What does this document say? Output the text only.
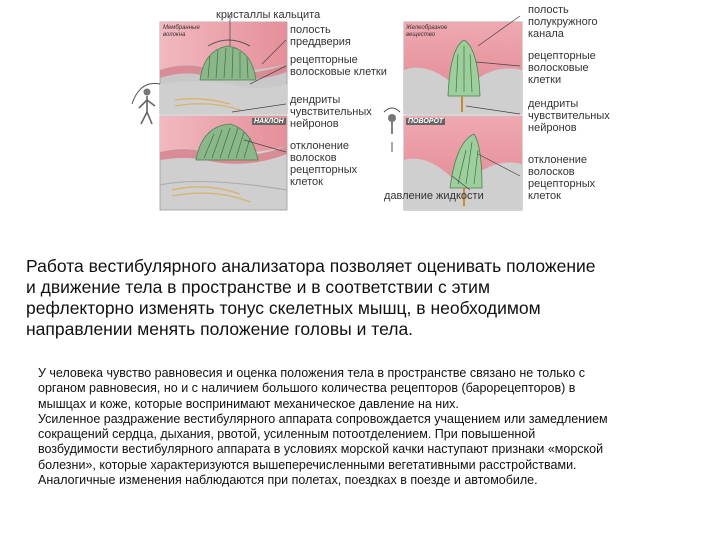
Мембранные
волокна
Желеобразное
вещество
НАКЛОН	ПОВОРОТ
кристаллы кальцита
полость
преддверия
рецепторные
волосковые клетки
дендриты
чувствительных
нейронов
отклонение
волосков
рецепторных
клеток
полость
полукружного
канала
рецепторные
волосковые
клетки
дендриты
чувствительных
нейронов
отклонение
волосков
рецепторных
клеток
давление жидкости
Работа вестибулярного анализатора позволяет оценивать положение
и движение тела в пространстве и в соответствии с этим
рефлекторно изменять тонус скелетных мышц, в необходимом
направлении менять положение головы и тела.
У человека чувство равновесия и оценка положения тела в пространстве связано не только с
органом равновесия, но и с наличием большого количества рецепторов (барорецепторов) в
мышцах и коже, которые воспринимают механическое давление на них.
Усиленное раздражение вестибулярного аппарата сопровождается учащением или замедлением
сокращений сердца, дыхания, рвотой, усиленным потоотделением. При повышенной
возбудимости вестибулярного аппарата в условиях морской качки наступают признаки «морской
болезни», которые характеризуются вышеперечисленными вегетативными расстройствами.
Аналогичные изменения наблюдаются при полетах, поездках в поезде и автомобиле.
